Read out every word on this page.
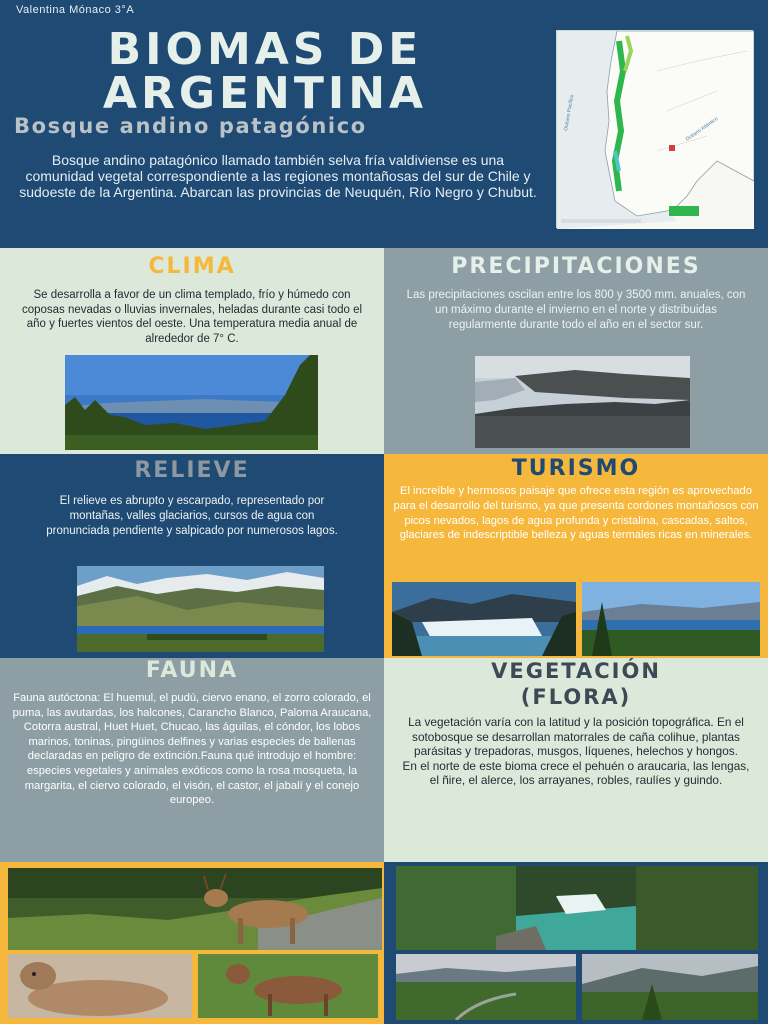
Valentina Mónaco 3°A
BIOMAS DE
ARGENTINA
Bosque andino patagónico
Bosque andino patagónico llamado también selva fría valdiviense es una comunidad vegetal correspondiente a las regiones montañosas del sur de Chile y sudoeste de la Argentina. Abarcan las provincias de Neuquén, Río Negro y Chubut.
Océano Atlántico
Océano Pacífico
CLIMA
Se desarrolla a favor de un clima templado, frío y húmedo con coposas nevadas o lluvias invernales, heladas durante casi todo el año y fuertes vientos del oeste. Una temperatura media anual de alrededor de 7° C.
PRECIPITACIONES
Las precipitaciones oscilan entre los 800 y 3500 mm. anuales, con un máximo durante el invierno en el norte y distribuidas regularmente durante todo el año en el sector sur.
RELIEVE
El relieve es abrupto y escarpado, representado por montañas, valles glaciarios, cursos de agua con pronunciada pendiente y salpicado por numerosos lagos.
TURISMO
El increíble y hermosos paisaje que ofrece esta región es aprovechado para el desarrollo del turismo, ya que presenta cordones montañosos con picos nevados, lagos de agua profunda y cristalina, cascadas, saltos, glaciares de indescriptible belleza y aguas termales ricas en minerales.
FAUNA
Fauna autóctona: El huemul, el pudú, ciervo enano, el zorro colorado, el puma, las avutardas, los halcones, Carancho Blanco, Paloma Araucana, Cotorra austral, Huet Huet, Chucao, las águilas, el cóndor, los lobos marinos, toninas, pingüinos delfines y varias especies de ballenas declaradas en peligro de extinción.Fauna qué introdujo el hombre: especies vegetales y animales exóticos como la rosa mosqueta, la margarita, el ciervo colorado, el visón, el castor, el jabalí y el conejo europeo.
VEGETACIÓN
(FLORA)
La vegetación varía con la latitud y la posición topográfica. En el sotobosque se desarrollan matorrales de caña colihue, plantas parásitas y trepadoras, musgos, líquenes, helechos y hongos.
En el norte de este bioma crece el pehuén o araucaria, las lengas, el ñire, el alerce, los arrayanes, robles, raulíes y guindo.
